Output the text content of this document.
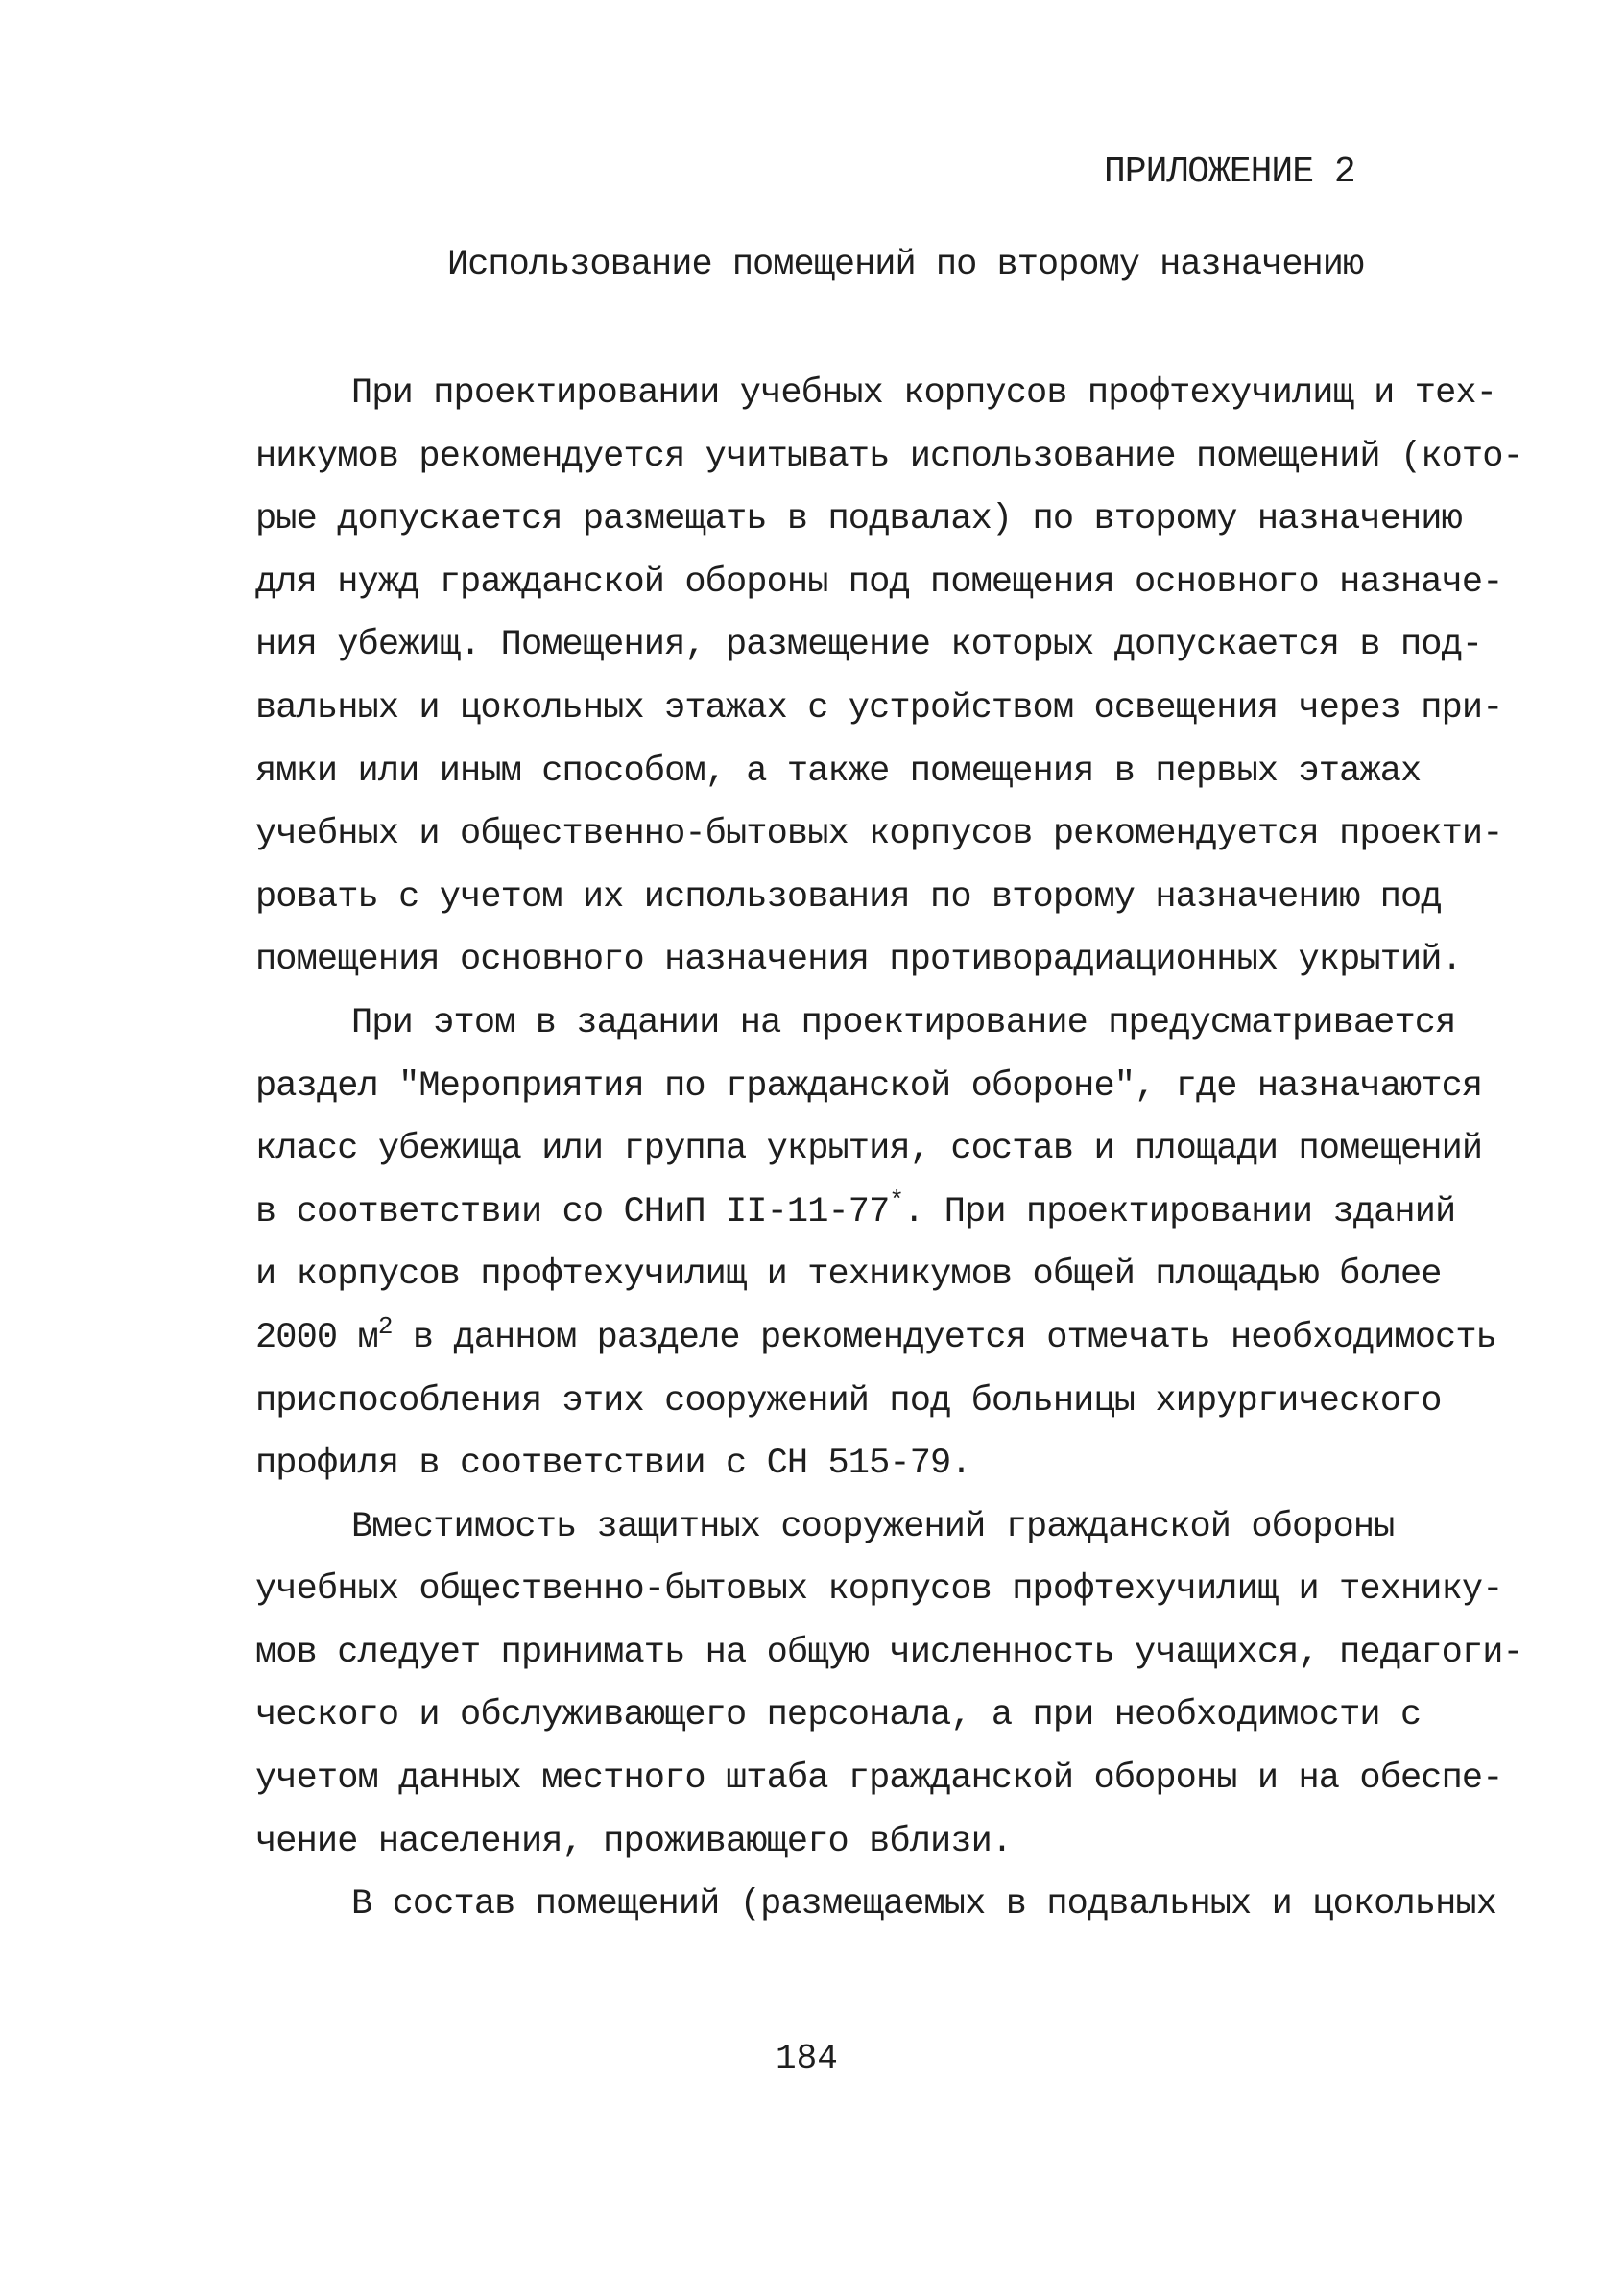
ПРИЛОЖЕНИЕ 2
Использование помещений по второму назначению
При проектировании учебных корпусов профтехучилищ и тех-
никумов рекомендуется учитывать использование помещений (кото-
рые допускается размещать в подвалах) по второму назначению
для нужд гражданской обороны под помещения основного назначе-
ния убежищ. Помещения, размещение которых допускается в под-
вальных и цокольных этажах с устройством освещения через при-
ямки или иным способом, а также помещения в первых этажах
учебных и общественно-бытовых корпусов рекомендуется проекти-
ровать с учетом их использования по второму назначению под
помещения основного назначения противорадиационных укрытий.
При этом в задании на проектирование предусматривается
раздел "Мероприятия по гражданской обороне", где назначаются
класс убежища или группа укрытия, состав и площади помещений
в соответствии со СНиП II-11-77*. При проектировании зданий
и корпусов профтехучилищ и техникумов общей площадью более
2000 $м^2$ в данном разделе рекомендуется отмечать необходимость
приспособления этих сооружений под больницы хирургического
профиля в соответствии с СН 515-79.
Вместимость защитных сооружений гражданской обороны
учебных общественно-бытовых корпусов профтехучилищ и технику-
мов следует принимать на общую численность учащихся, педагоги-
ческого и обслуживающего персонала, а при необходимости с
учетом данных местного штаба гражданской обороны и на обеспе-
чение населения, проживающего вблизи.
В состав помещений (размещаемых в подвальных и цокольных
184
